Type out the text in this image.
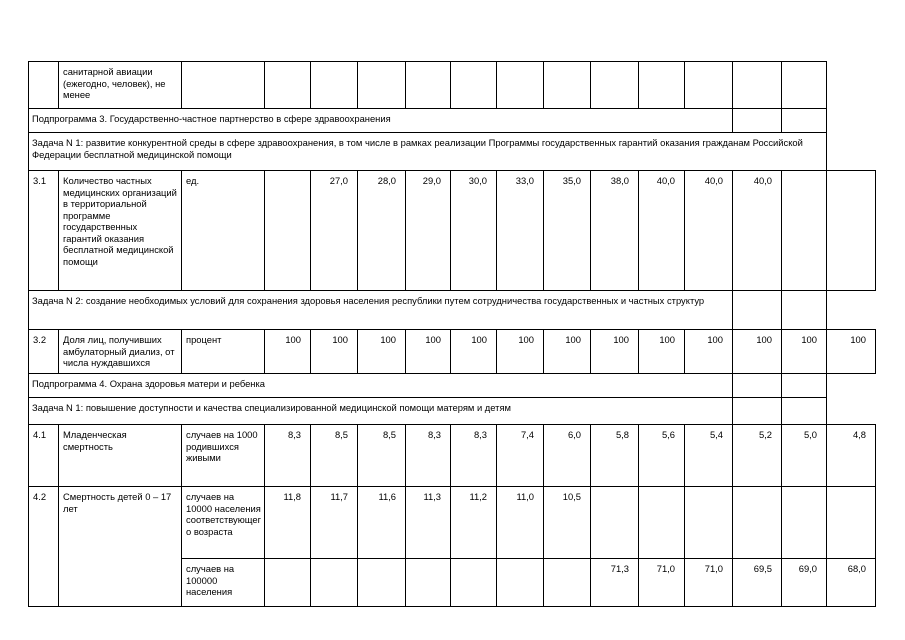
	санитарной авиации (ежегодно, человек), не менее														
Подпрограмма 3. Государственно-частное партнерство в сфере здравоохранения															
Задача N 1: развитие конкурентной среды в сфере здравоохранения, в том числе в рамках реализации Программы государственных гарантий оказания гражданам Российской Федерации бесплатной медицинской помощи															
3.1	Количество частных медицинских организаций в территориальной программе государственных гарантий оказания бесплатной медицинской помощи	ед.		27,0	28,0	29,0	30,0	33,0	35,0	38,0	40,0	40,0	40,0		
Задача N 2: создание необходимых условий для сохранения здоровья населения республики путем сотрудничества государственных и частных структур															
3.2	Доля лиц, получивших амбулаторный диализ, от числа нуждавшихся	процент	100	100	100	100	100	100	100	100	100	100	100	100	100
Подпрограмма 4. Охрана здоровья матери и ребенка															
Задача N 1: повышение доступности и качества специализированной медицинской помощи матерям и детям															
4.1	Младенческая смертность	случаев на 1000 родившихся живыми	8,3	8,5	8,5	8,3	8,3	7,4	6,0	5,8	5,6	5,4	5,2	5,0	4,8
4.2	Смертность детей 0 – 17 лет	случаев на 10000 населения соответствующего возраста	11,8	11,7	11,6	11,3	11,2	11,0	10,5						
		случаев на 100000 населения								71,3	71,0	71,0	69,5	69,0	68,0
